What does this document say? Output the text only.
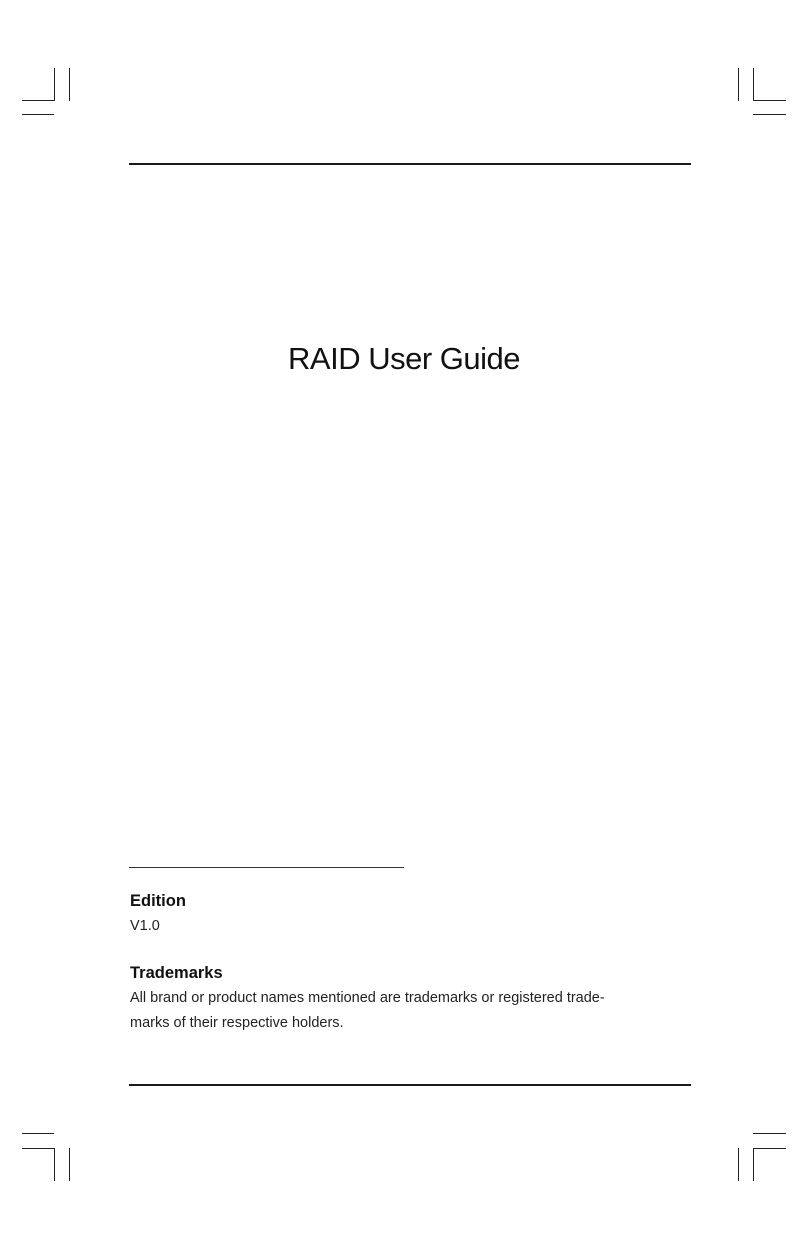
RAID User Guide
Edition
V1.0
Trademarks
All brand or product names mentioned are trademarks or registered trade-
marks of their respective holders.
